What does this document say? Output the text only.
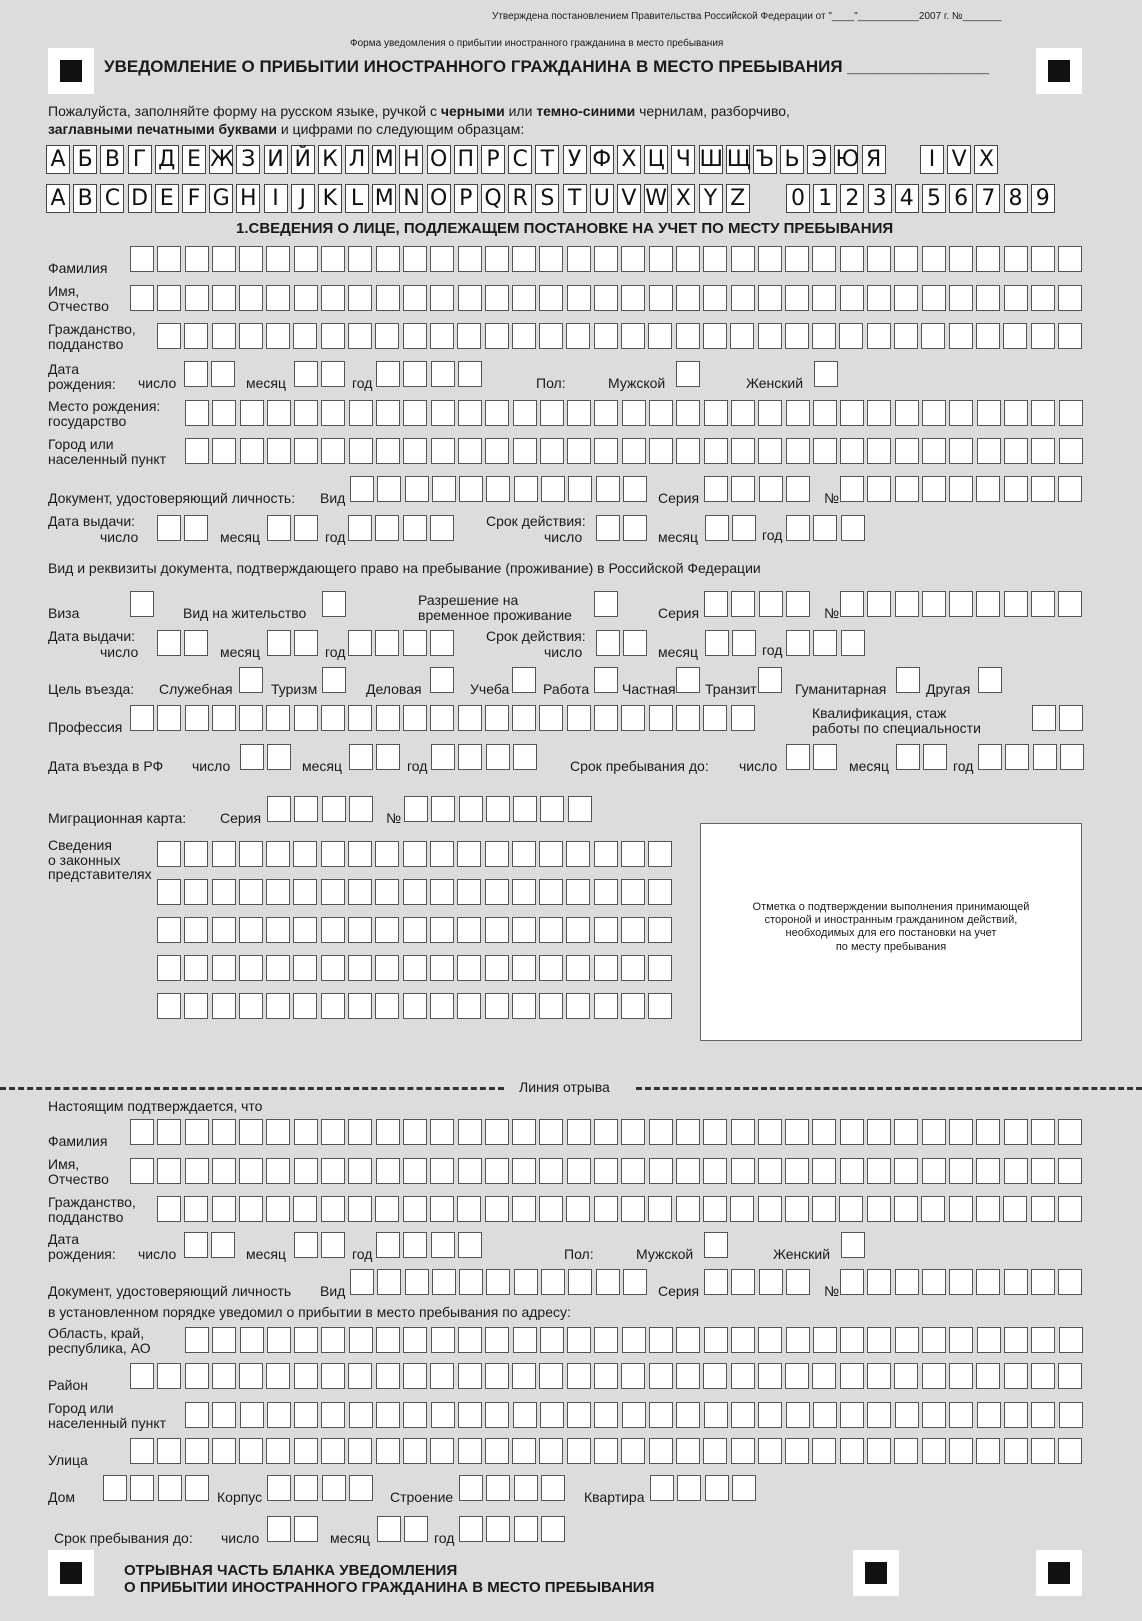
Утверждена постановлением Правительства Российской Федерации от "____"___________2007 г. №_______
Форма уведомления о прибытии иностранного гражданина в место пребывания
УВЕДОМЛЕНИЕ О ПРИБЫТИИ ИНОСТРАННОГО ГРАЖДАНИНА В МЕСТО ПРЕБЫВАНИЯ _______________
Пожалуйста, заполняйте форму на русском языке, ручкой с черными или темно-синими чернилам, разборчиво,
заглавными печатными буквами и цифрами по следующим образцам:
А Б В Г Д Е Ж З И Й К Л М Н О П Р С Т У Ф Х Ц Ч Ш Щ Ъ Ь Э Ю Я	I V X
A B C D E F G H I J K L M N O P Q R S T U V W X Y Z 0 1 2 3 4 5 6 7 8 9
1.СВЕДЕНИЯ О ЛИЦЕ, ПОДЛЕЖАЩЕМ ПОСТАНОВКЕ НА УЧЕТ ПО МЕСТУ ПРЕБЫВАНИЯ
Фамилия
Имя,
Отчество
Гражданство,
подданство
Дата
рождения: число	месяц	год	Пол:	Мужской	Женский
Место рождения:
государство
Город или
населенный пункт
Документ, удостоверяющий личность: Вид	Серия	№
Дата выдачи:
число	месяц	год
Срок действия:
число	месяц	год
Вид и реквизиты документа, подтверждающего право на пребывание (проживание) в Российской Федерации
Виза	Вид на жительство
Разрешение на
временное проживание	Серия	№
Дата выдачи:
число	месяц	год
Срок действия:
число	месяц	год
Цель въезда: Служебная	Туризм	Деловая	Учеба Работа Частная Транзит	Гуманитарная	Другая
Профессия
Квалификация, стаж
работы по специальности
Дата въезда в РФ число	месяц	год	Срок пребывания до: число	месяц	год
Миграционная карта: Серия	№
Сведения
о законных
представителях
Отметка о подтверждении выполнения принимающей
стороной и иностранным гражданином действий,
необходимых для его постановки на учет
по месту пребывания
Линия отрыва
Настоящим подтверждается, что
Фамилия
Имя,
Отчество
Гражданство,
подданство
Дата
рождения: число	месяц	год	Пол:	Мужской	Женский
Документ, удостоверяющий личность Вид	Серия	№
в установленном порядке уведомил о прибытии в место пребывания по адресу:
Область, край,
республика, АО
Район
Город или
населенный пункт
Улица
Дом	Корпус	Строение	Квартира
Срок пребывания до: число	месяц	год
ОТРЫВНАЯ ЧАСТЬ БЛАНКА УВЕДОМЛЕНИЯ
О ПРИБЫТИИ ИНОСТРАННОГО ГРАЖДАНИНА В МЕСТО ПРЕБЫВАНИЯ
